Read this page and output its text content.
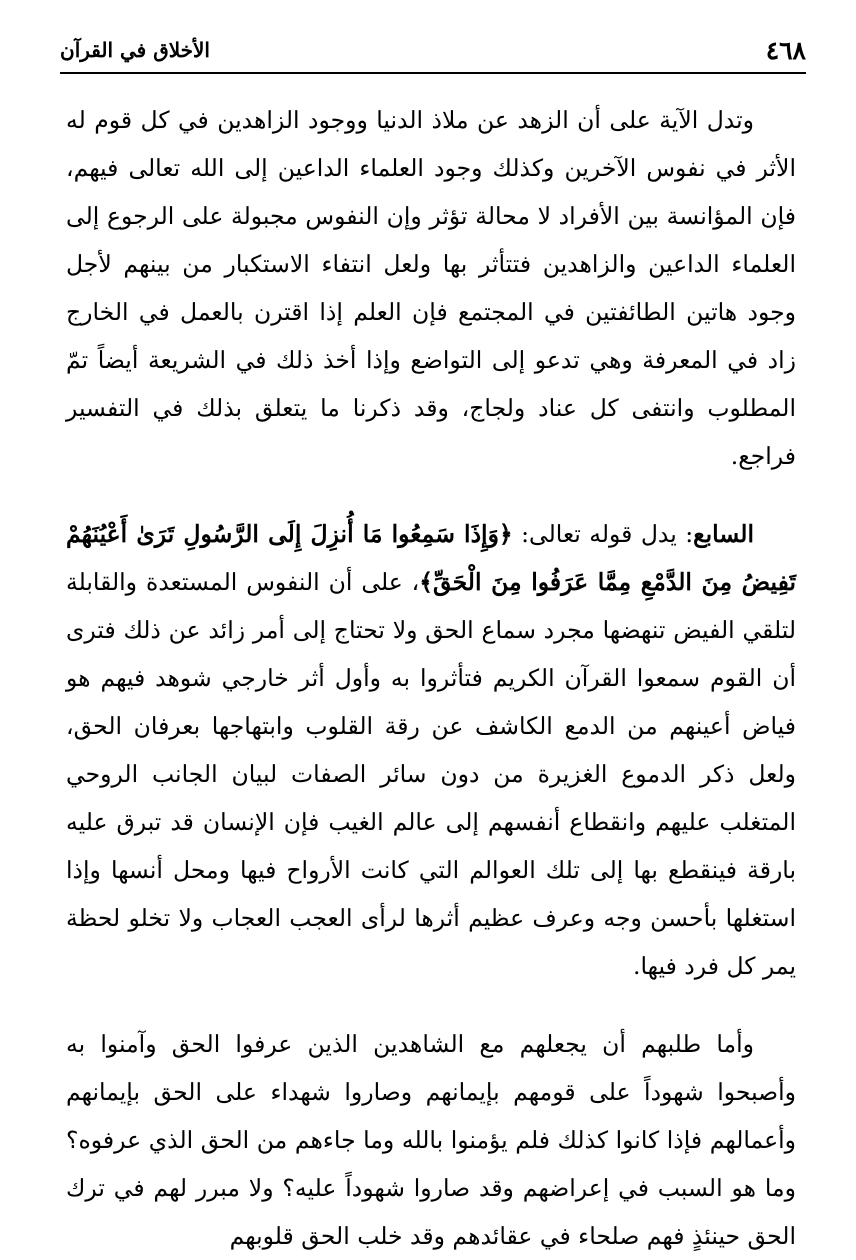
الأخلاق في القرآن	٤٦٨

وتدل الآية على أن الزهد عن ملاذ الدنيا ووجود الزاهدين في كل قوم له الأثر في نفوس الآخرين وكذلك وجود العلماء الداعين إلى الله تعالى فيهم، فإن المؤانسة بين الأفراد لا محالة تؤثر وإن النفوس مجبولة على الرجوع إلى العلماء الداعين والزاهدين فتتأثر بها ولعل انتفاء الاستكبار من بينهم لأجل وجود هاتين الطائفتين في المجتمع فإن العلم إذا اقترن بالعمل في الخارج زاد في المعرفة وهي تدعو إلى التواضع وإذا أخذ ذلك في الشريعة أيضاً تمّ المطلوب وانتفى كل عناد ولجاج، وقد ذكرنا ما يتعلق بذلك في التفسير فراجع.

السابع: يدل قوله تعالى: ﴿وَإِذَا سَمِعُوا مَا أُنزِلَ إِلَى الرَّسُولِ تَرَىٰ أَعْيُنَهُمْ تَفِيضُ مِنَ الدَّمْعِ مِمَّا عَرَفُوا مِنَ الْحَقِّ﴾، على أن النفوس المستعدة والقابلة لتلقي الفيض تنهضها مجرد سماع الحق ولا تحتاج إلى أمر زائد عن ذلك فترى أن القوم سمعوا القرآن الكريم فتأثروا به وأول أثر خارجي شوهد فيهم هو فياض أعينهم من الدمع الكاشف عن رقة القلوب وابتهاجها بعرفان الحق، ولعل ذكر الدموع الغزيرة من دون سائر الصفات لبيان الجانب الروحي المتغلب عليهم وانقطاع أنفسهم إلى عالم الغيب فإن الإنسان قد تبرق عليه بارقة فينقطع بها إلى تلك العوالم التي كانت الأرواح فيها ومحل أنسها وإذا استغلها بأحسن وجه وعرف عظيم أثرها لرأى العجب العجاب ولا تخلو لحظة يمر كل فرد فيها.

وأما طلبهم أن يجعلهم مع الشاهدين الذين عرفوا الحق وآمنوا به وأصبحوا شهوداً على قومهم بإيمانهم وصاروا شهداء على الحق بإيمانهم وأعمالهم فإذا كانوا كذلك فلم يؤمنوا بالله وما جاءهم من الحق الذي عرفوه؟ وما هو السبب في إعراضهم وقد صاروا شهوداً عليه؟ ولا مبرر لهم في ترك الحق حينئذٍ فهم صلحاء في عقائدهم وقد خلب الحق قلوبهم
